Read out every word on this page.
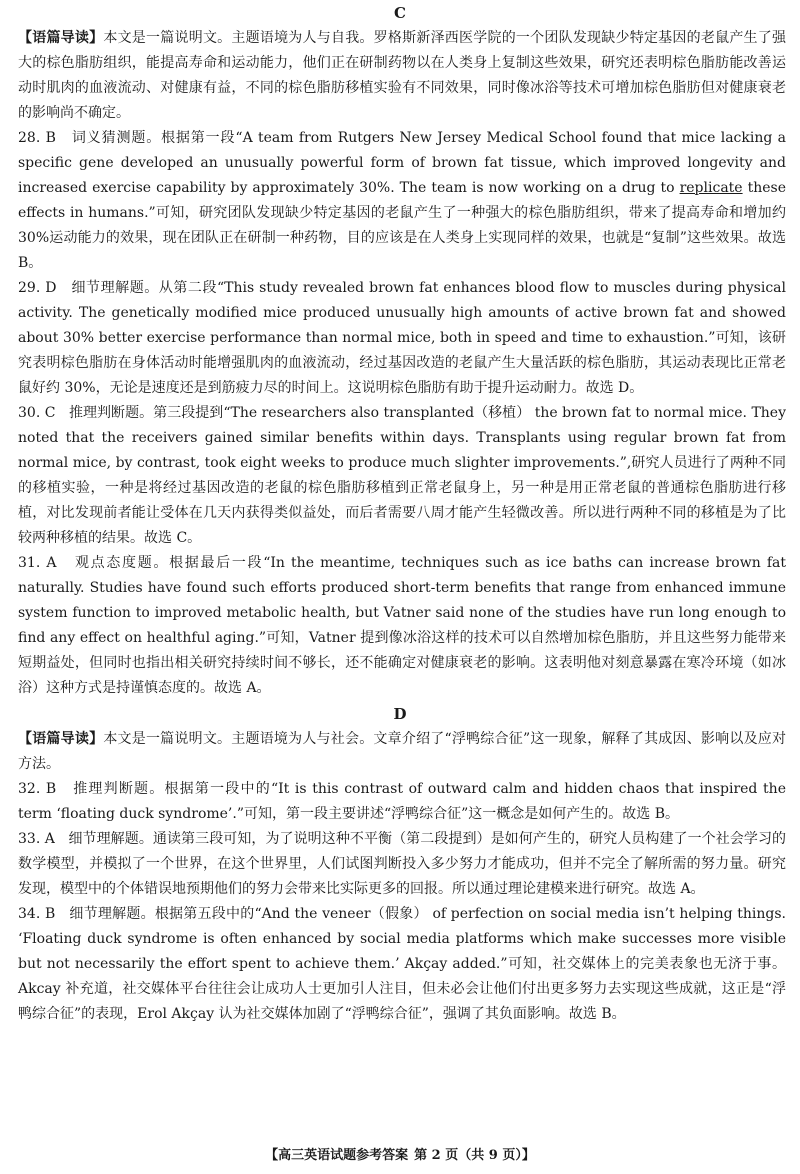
C

【语篇导读】本文是一篇说明文。主题语境为人与自我。罗格斯新泽西医学院的一个团队发现缺少特定基因的老鼠产生了强大的棕色脂肪组织，能提高寿命和运动能力，他们正在研制药物以在人类身上复制这些效果，研究还表明棕色脂肪能改善运动时肌肉的血液流动、对健康有益，不同的棕色脂肪移植实验有不同效果，同时像冰浴等技术可增加棕色脂肪但对健康衰老的影响尚不确定。

28. B 词义猜测题。根据第一段“A team from Rutgers New Jersey Medical School found that mice lacking a specific gene developed an unusually powerful form of brown fat tissue, which improved longevity and increased exercise capability by approximately 30%. The team is now working on a drug to replicate these effects in humans.”可知，研究团队发现缺少特定基因的老鼠产生了一种强大的棕色脂肪组织，带来了提高寿命和增加约 30%运动能力的效果，现在团队正在研制一种药物，目的应该是在人类身上实现同样的效果，也就是“复制”这些效果。故选 B。

29. D 细节理解题。从第二段“This study revealed brown fat enhances blood flow to muscles during physical activity. The genetically modified mice produced unusually high amounts of active brown fat and showed about 30% better exercise performance than normal mice, both in speed and time to exhaustion.”可知，该研究表明棕色脂肪在身体活动时能增强肌肉的血液流动，经过基因改造的老鼠产生大量活跃的棕色脂肪，其运动表现比正常老鼠好约 30%，无论是速度还是到筋疲力尽的时间上。这说明棕色脂肪有助于提升运动耐力。故选 D。

30. C 推理判断题。第三段提到“The researchers also transplanted（移植） the brown fat to normal mice. They noted that the receivers gained similar benefits within days. Transplants using regular brown fat from normal mice, by contrast, took eight weeks to produce much slighter improvements.”,研究人员进行了两种不同的移植实验，一种是将经过基因改造的老鼠的棕色脂肪移植到正常老鼠身上，另一种是用正常老鼠的普通棕色脂肪进行移植，对比发现前者能让受体在几天内获得类似益处，而后者需要八周才能产生轻微改善。所以进行两种不同的移植是为了比较两种移植的结果。故选 C。

31. A 观点态度题。根据最后一段“In the meantime, techniques such as ice baths can increase brown fat naturally. Studies have found such efforts produced short-term benefits that range from enhanced immune system function to improved metabolic health, but Vatner said none of the studies have run long enough to find any effect on healthful aging.”可知，Vatner 提到像冰浴这样的技术可以自然增加棕色脂肪，并且这些努力能带来短期益处，但同时也指出相关研究持续时间不够长，还不能确定对健康衰老的影响。这表明他对刻意暴露在寒冷环境（如冰浴）这种方式是持谨慎态度的。故选 A。

D

【语篇导读】本文是一篇说明文。主题语境为人与社会。文章介绍了“浮鸭综合征”这一现象，解释了其成因、影响以及应对方法。

32. B 推理判断题。根据第一段中的“It is this contrast of outward calm and hidden chaos that inspired the term ‘floating duck syndrome’.”可知，第一段主要讲述“浮鸭综合征”这一概念是如何产生的。故选 B。

33. A 细节理解题。通读第三段可知，为了说明这种不平衡（第二段提到）是如何产生的，研究人员构建了一个社会学习的数学模型，并模拟了一个世界，在这个世界里，人们试图判断投入多少努力才能成功，但并不完全了解所需的努力量。研究发现，模型中的个体错误地预期他们的努力会带来比实际更多的回报。所以通过理论建模来进行研究。故选 A。

34. B 细节理解题。根据第五段中的“And the veneer（假象） of perfection on social media isn’t helping things. ‘Floating duck syndrome is often enhanced by social media platforms which make successes more visible but not necessarily the effort spent to achieve them.’ Akçay added.”可知，社交媒体上的完美表象也无济于事。Akcay 补充道，社交媒体平台往往会让成功人士更加引人注目，但未必会让他们付出更多努力去实现这些成就，这正是“浮鸭综合征”的表现，Erol Akçay 认为社交媒体加剧了“浮鸭综合征”，强调了其负面影响。故选 B。

【高三英语试题参考答案 第 2 页（共 9 页）】
